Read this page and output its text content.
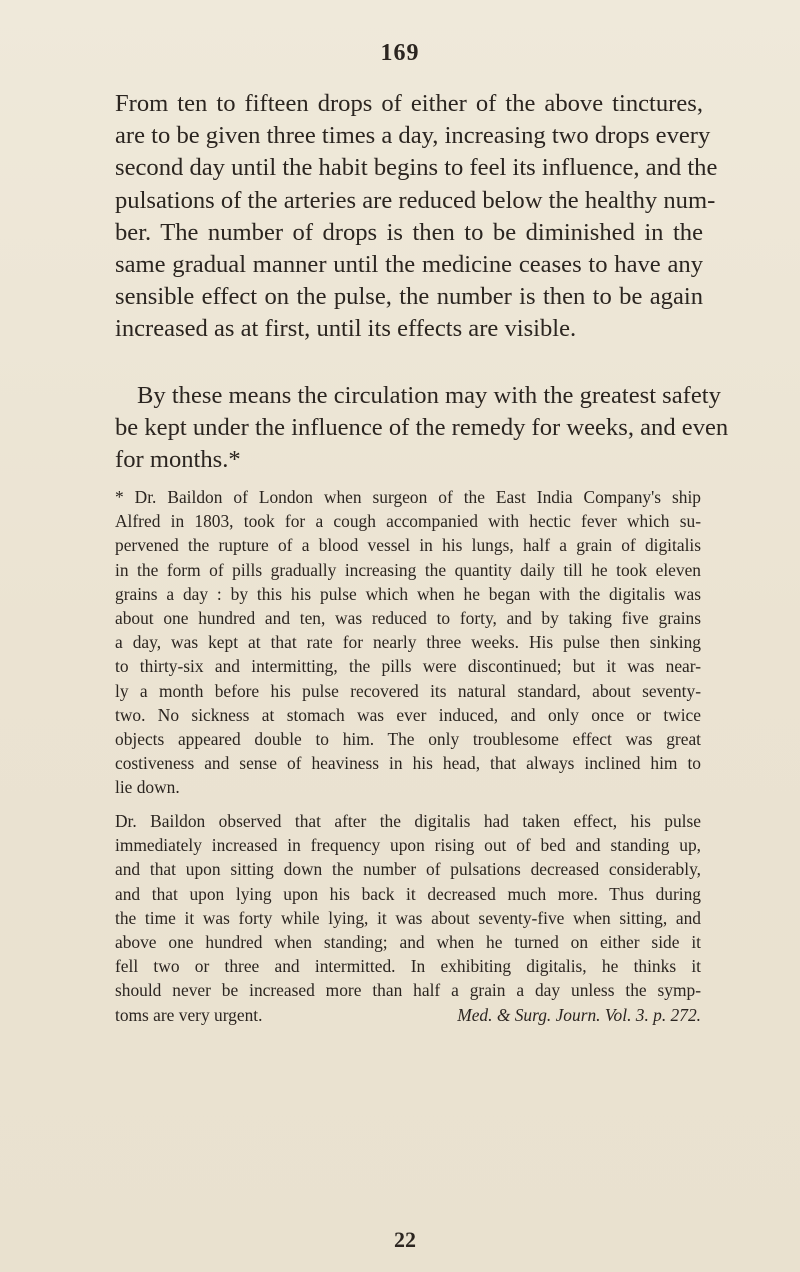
169
From ten to fifteen drops of either of the above tinctures,
are to be given three times a day, increasing two drops every
second day until the habit begins to feel its influence, and the
pulsations of the arteries are reduced below the healthy num-
ber. The number of drops is then to be diminished in the
same gradual manner until the medicine ceases to have any
sensible effect on the pulse, the number is then to be again
increased as at first, until its effects are visible.
By these means the circulation may with the greatest safety
be kept under the influence of the remedy for weeks, and even
for months.*
* Dr. Baildon of London when surgeon of the East India Company's ship
Alfred in 1803, took for a cough accompanied with hectic fever which su-
pervened the rupture of a blood vessel in his lungs, half a grain of digitalis
in the form of pills gradually increasing the quantity daily till he took eleven
grains a day : by this his pulse which when he began with the digitalis was
about one hundred and ten, was reduced to forty, and by taking five grains
a day, was kept at that rate for nearly three weeks. His pulse then sinking
to thirty-six and intermitting, the pills were discontinued; but it was near-
ly a month before his pulse recovered its natural standard, about seventy-
two. No sickness at stomach was ever induced, and only once or twice
objects appeared double to him. The only troublesome effect was great
costiveness and sense of heaviness in his head, that always inclined him to
lie down.
Dr. Baildon observed that after the digitalis had taken effect, his pulse
immediately increased in frequency upon rising out of bed and standing up,
and that upon sitting down the number of pulsations decreased considerably,
and that upon lying upon his back it decreased much more. Thus during
the time it was forty while lying, it was about seventy-five when sitting, and
above one hundred when standing; and when he turned on either side it
fell two or three and intermitted. In exhibiting digitalis, he thinks it
should never be increased more than half a grain a day unless the symp-
toms are very urgent.	Med. & Surg. Journ. Vol. 3. p. 272.
22
